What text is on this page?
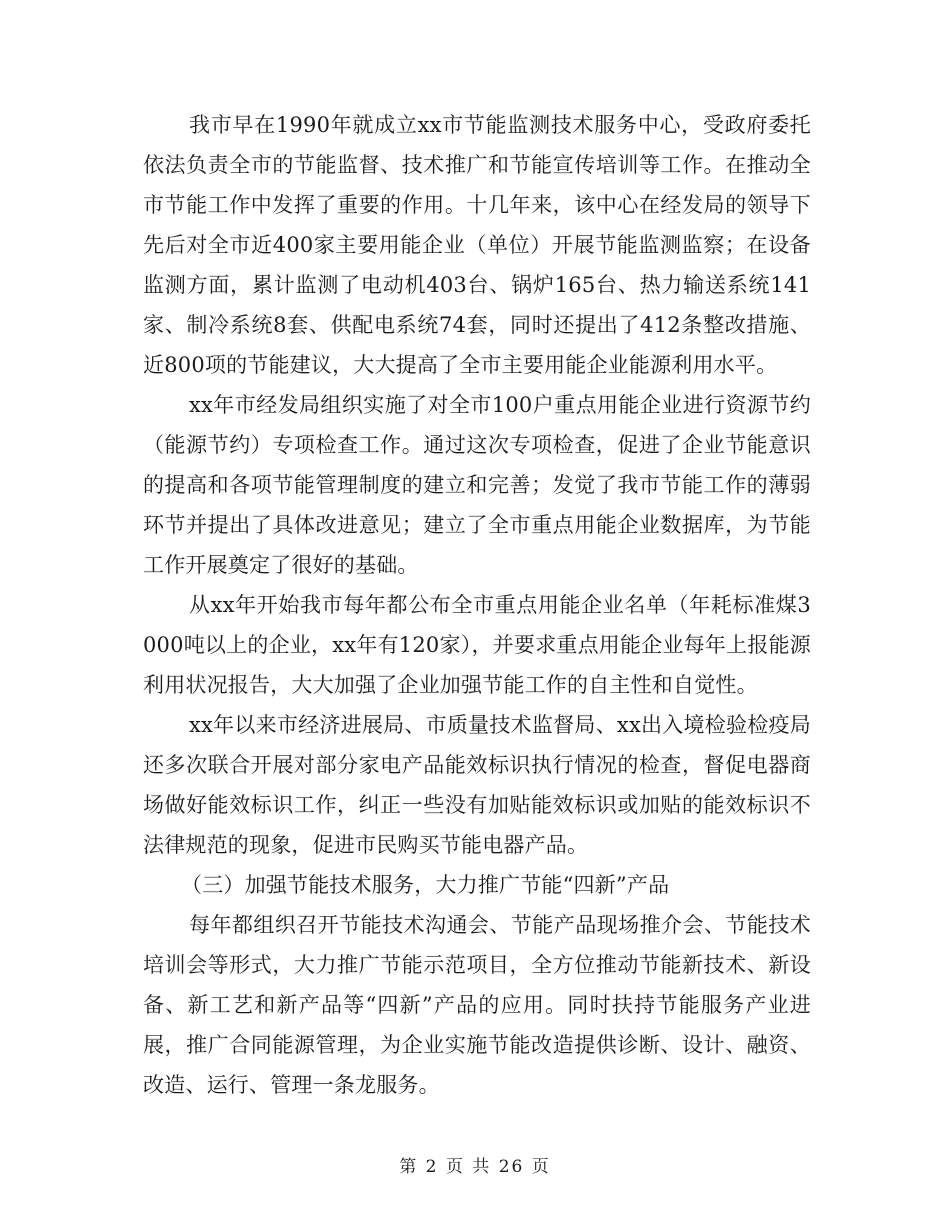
我市早在1990年就成立xx市节能监测技术服务中心，受政府委托依法负责全市的节能监督、技术推广和节能宣传培训等工作。在推动全市节能工作中发挥了重要的作用。十几年来，该中心在经发局的领导下先后对全市近400家主要用能企业（单位）开展节能监测监察；在设备监测方面，累计监测了电动机403台、锅炉165台、热力输送系统141家、制冷系统8套、供配电系统74套，同时还提出了412条整改措施、近800项的节能建议，大大提高了全市主要用能企业能源利用水平。

xx年市经发局组织实施了对全市100户重点用能企业进行资源节约（能源节约）专项检查工作。通过这次专项检查，促进了企业节能意识的提高和各项节能管理制度的建立和完善；发觉了我市节能工作的薄弱环节并提出了具体改进意见；建立了全市重点用能企业数据库，为节能工作开展奠定了很好的基础。

从xx年开始我市每年都公布全市重点用能企业名单（年耗标准煤3000吨以上的企业，xx年有120家），并要求重点用能企业每年上报能源利用状况报告，大大加强了企业加强节能工作的自主性和自觉性。

xx年以来市经济进展局、市质量技术监督局、xx出入境检验检疫局还多次联合开展对部分家电产品能效标识执行情况的检查，督促电器商场做好能效标识工作，纠正一些没有加贴能效标识或加贴的能效标识不法律规范的现象，促进市民购买节能电器产品。

（三）加强节能技术服务，大力推广节能“四新”产品

每年都组织召开节能技术沟通会、节能产品现场推介会、节能技术培训会等形式，大力推广节能示范项目，全方位推动节能新技术、新设备、新工艺和新产品等“四新”产品的应用。同时扶持节能服务产业进展，推广合同能源管理，为企业实施节能改造提供诊断、设计、融资、改造、运行、管理一条龙服务。

第 2 页 共 26 页
